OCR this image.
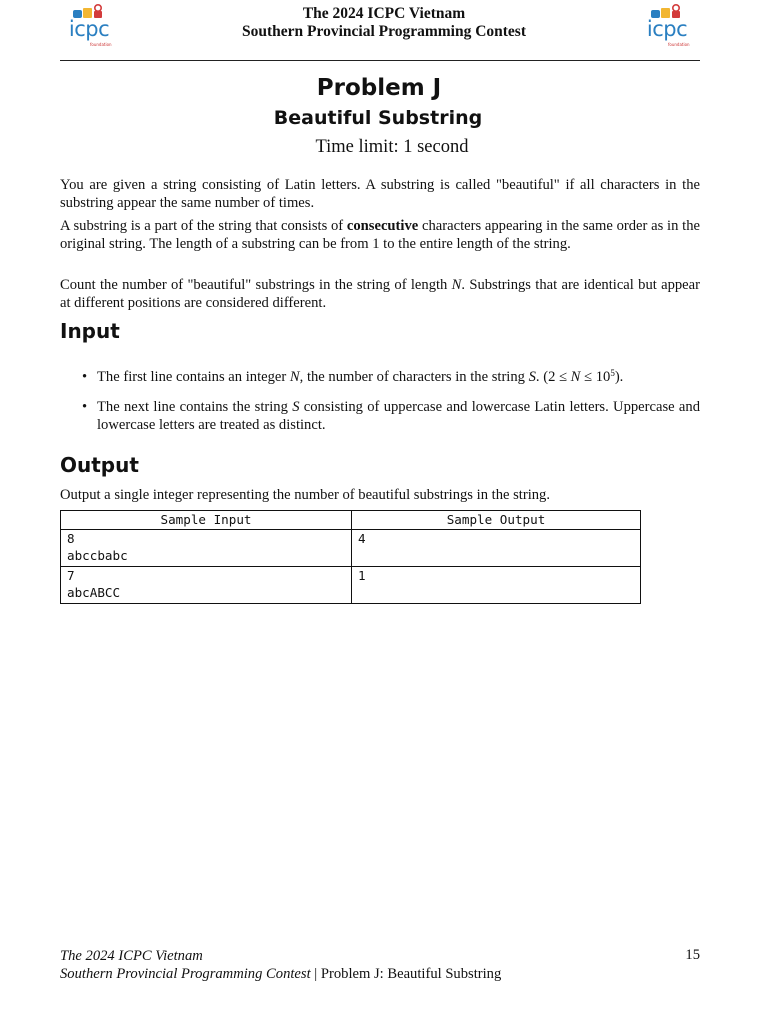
icpc
foundation
icpc
foundation
The 2024 ICPC Vietnam
Southern Provincial Programming Contest
Problem J
Beautiful Substring
Time limit: 1 second
You are given a string consisting of Latin letters. A substring is called "beautiful" if all characters in the substring appear the same number of times.
A substring is a part of the string that consists of consecutive characters appearing in the same order as in the original string. The length of a substring can be from 1 to the entire length of the string.
Count the number of "beautiful" substrings in the string of length N. Substrings that are identical but appear at different positions are considered different.
Input
• The first line contains an integer N, the number of characters in the string S. $(2 \le N \le 10^5)$.
• The next line contains the string S consisting of uppercase and lowercase Latin letters. Uppercase and lowercase letters are treated as distinct.
Output
Output a single integer representing the number of beautiful substrings in the string.
Sample Input	Sample Output

8
abccbabc	4

7
abcABCC	1
The 2024 ICPC Vietnam
Southern Provincial Programming Contest | Problem J: Beautiful Substring
15
